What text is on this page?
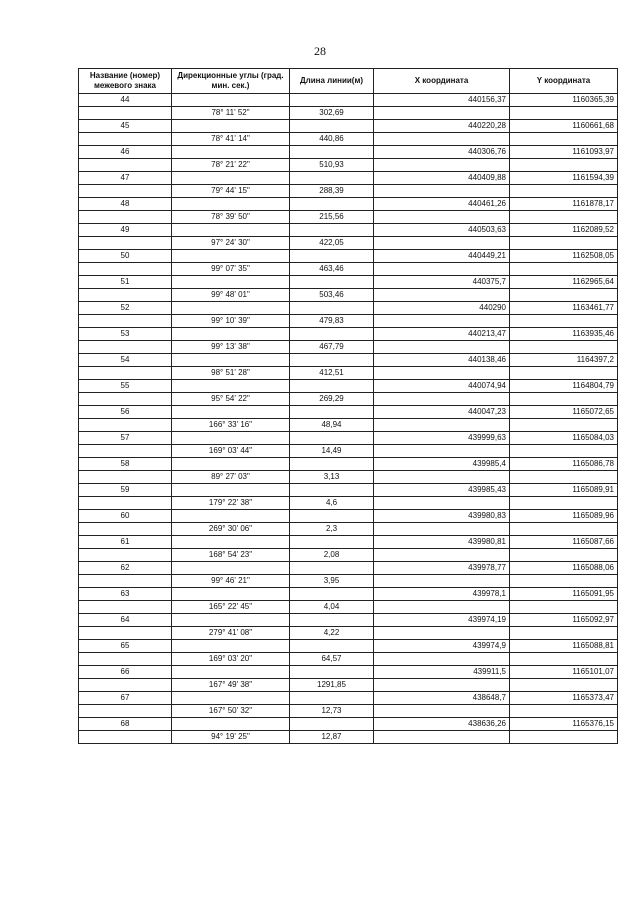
28
Название (номер) межевого знака	Дирекционные углы (град. мин. сек.)	Длина линии(м)	X координата	Y координата
44			440156,37	1160365,39
	78° 11' 52"	302,69		
45			440220,28	1160661,68
	78° 41' 14"	440,86		
46			440306,76	1161093,97
	78° 21' 22"	510,93		
47			440409,88	1161594,39
	79° 44' 15"	288,39		
48			440461,26	1161878,17
	78° 39' 50"	215,56		
49			440503,63	1162089,52
	97° 24' 30"	422,05		
50			440449,21	1162508,05
	99° 07' 35"	463,46		
51			440375,7	1162965,64
	99° 48' 01"	503,46		
52			440290	1163461,77
	99° 10' 39"	479,83		
53			440213,47	1163935,46
	99° 13' 38"	467,79		
54			440138,46	1164397,2
	98° 51' 28"	412,51		
55			440074,94	1164804,79
	95° 54' 22"	269,29		
56			440047,23	1165072,65
	166° 33' 16"	48,94		
57			439999,63	1165084,03
	169° 03' 44"	14,49		
58			439985,4	1165086,78
	89° 27' 03"	3,13		
59			439985,43	1165089,91
	179° 22' 38"	4,6		
60			439980,83	1165089,96
	269° 30' 06"	2,3		
61			439980,81	1165087,66
	168° 54' 23"	2,08		
62			439978,77	1165088,06
	99° 46' 21"	3,95		
63			439978,1	1165091,95
	165° 22' 45"	4,04		
64			439974,19	1165092,97
	279° 41' 08"	4,22		
65			439974,9	1165088,81
	169° 03' 20"	64,57		
66			439911,5	1165101,07
	167° 49' 38"	1291,85		
67			438648,7	1165373,47
	167° 50' 32"	12,73		
68			438636,26	1165376,15
	94° 19' 25"	12,87		
